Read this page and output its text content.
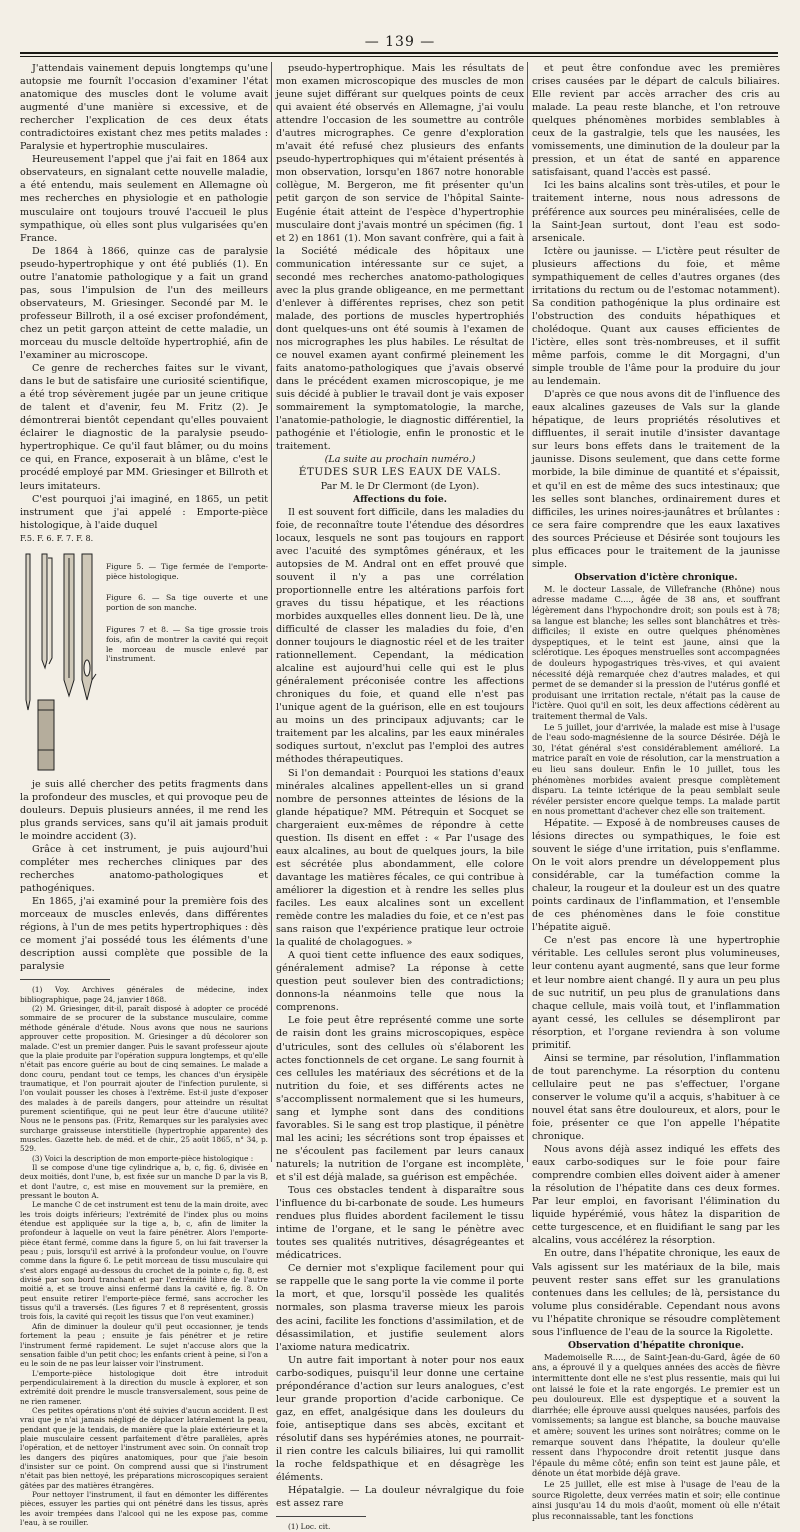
— 139 —

J'attendais vainement depuis longtemps qu'une autopsie me fournît l'occasion d'examiner l'état anatomique des muscles dont le volume avait augmenté d'une manière si excessive, et de rechercher l'explication de ces deux états contradictoires existant chez mes petits malades : Paralysie et hypertrophie musculaires.

Heureusement l'appel que j'ai fait en 1864 aux observateurs, en signalant cette nouvelle maladie, a été entendu, mais seulement en Allemagne où mes recherches en physiologie et en pathologie musculaire ont toujours trouvé l'accueil le plus sympathique, où elles sont plus vulgarisées qu'en France.

De 1864 à 1866, quinze cas de paralysie pseudo-hypertrophique y ont été publiés (1). En outre l'anatomie pathologique y a fait un grand pas, sous l'impulsion de l'un des meilleurs observateurs, M. Griesinger. Secondé par M. le professeur Billroth, il a osé exciser profondément, chez un petit garçon atteint de cette maladie, un morceau du muscle deltoïde hypertrophié, afin de l'examiner au microscope.

Ce genre de recherches faites sur le vivant, dans le but de satisfaire une curiosité scientifique, a été trop sévèrement jugée par un jeune critique de talent et d'avenir, feu M. Fritz (2). Je démontrerai bientôt cependant qu'elles pouvaient éclairer le diagnostic de la paralysie pseudo-hypertrophique. Ce qu'il faut blâmer, ou du moins ce qui, en France, exposerait à un blâme, c'est le procédé employé par MM. Griesinger et Billroth et leurs imitateurs.

C'est pourquoi j'ai imaginé, en 1865, un petit instrument que j'ai appelé : Emporte-pièce histologique, à l'aide duquel

F.5. F. 6. F. 7. F. 8.

Figure 5. — Tige fermée de l'emporte-pièce histologique.

Figure 6. — Sa tige ouverte et une portion de son manche.

Figures 7 et 8. — Sa tige grossie trois fois, afin de montrer la cavité qui reçoit le morceau de muscle enlevé par l'instrument.

je suis allé chercher des petits fragments dans la profondeur des muscles, et qui provoque peu de douleurs. Depuis plusieurs années, il me rend les plus grands services, sans qu'il ait jamais produit le moindre accident (3).

Grâce à cet instrument, je puis aujourd'hui compléter mes recherches cliniques par des recherches anatomo-pathologiques et pathogéniques.

En 1865, j'ai examiné pour la première fois des morceaux de muscles enlevés, dans différentes régions, à l'un de mes petits hypertrophiques : dès ce moment j'ai possédé tous les éléments d'une description aussi complète que possible de la paralysie

(1) Voy. Archives générales de médecine, index bibliographique, page 24, janvier 1868.

(2) M. Griesinger, dit-il, paraît disposé à adopter ce procédé sommaire de se procurer de la substance musculaire, comme méthode générale d'étude. Nous avons que nous ne saurions approuver cette proposition. M. Griesinger a dû décolorer son malade. C'est un premier danger. Puis le savant professeur ajoute que la plaie produite par l'opération suppura longtemps, et qu'elle n'était pas encore guérie au bout de cinq semaines. Le malade a donc couru, pendant tout ce temps, les chances d'un érysipèle traumatique, et l'on pourrait ajouter de l'infection purulente, si l'on voulait pousser les choses à l'extrême. Est-il juste d'exposer des malades à de pareils dangers, pour atteindre un résultat purement scientifique, qui ne peut leur être d'aucune utilité? Nous ne le pensons pas. (Fritz, Remarques sur les paralysies avec surcharge graisseuse interstitielle (hypertrophie apparente) des muscles. Gazette heb. de méd. et de chir., 25 août 1865, n° 34, p. 529.

(3) Voici la description de mon emporte-pièce histologique :

Il se compose d'une tige cylindrique a, b, c, fig. 6, divisée en deux moitiés, dont l'une, b, est fixée sur un manche D par la vis B, et dont l'autre, c, est mise en mouvement sur la première, en pressant le bouton A.

Le manche C de cet instrument est tenu de la main droite, avec les trois doigts inférieurs; l'extrémité de l'index plus ou moins étendue est appliquée sur la tige a, b, c, afin de limiter la profondeur à laquelle on veut la faire pénétrer. Alors l'emporte-pièce étant fermé, comme dans la figure 5, on lui fait traverser la peau ; puis, lorsqu'il est arrivé à la profondeur voulue, on l'ouvre comme dans la figure 6. Le petit morceau de tissu musculaire qui s'est alors engagé au-dessous du crochet de la pointe c, fig. 8, est divisé par son bord tranchant et par l'extrémité libre de l'autre moitié a, et se trouve ainsi enfermé dans la cavité e, fig. 8. On peut ensuite retirer l'emporte-pièce fermé, sans accrocher les tissus qu'il a traversés. (Les figures 7 et 8 représentent, grossis trois fois, la cavité qui reçoit les tissus que l'on veut examiner.)

Afin de diminuer la douleur qu'il peut occasionner, je tends fortement la peau ; ensuite je fais pénétrer et je retire l'instrument fermé rapidement. Le sujet n'accuse alors que la sensation faible d'un petit choc; les enfants crient à peine, si l'on a eu le soin de ne pas leur laisser voir l'instrument.

L'emporte-pièce histologique doit être introduit perpendiculairement à la direction du muscle à explorer, et son extrémité doit prendre le muscle transversalement, sous peine de ne rien ramener.

Ces petites opérations n'ont été suivies d'aucun accident. Il est vrai que je n'ai jamais négligé de déplacer latéralement la peau, pendant que je la tendais, de manière que la plaie extérieure et la plaie musculaire cessent parfaitement d'être parallèles, après l'opération, et de nettoyer l'instrument avec soin. On connaît trop les dangers des piqûres anatomiques, pour que j'aie besoin d'insister sur ce point. On comprend aussi que si l'instrument n'était pas bien nettoyé, les préparations microscopiques seraient gâtées par des matières étrangères.

Pour nettoyer l'instrument, il faut en démonter les différentes pièces, essuyer les parties qui ont pénétré dans les tissus, après les avoir trempées dans l'alcool qui ne les expose pas, comme l'eau, à se rouiller.

pseudo-hypertrophique. Mais les résultats de mon examen microscopique des muscles de mon jeune sujet différant sur quelques points de ceux qui avaient été observés en Allemagne, j'ai voulu attendre l'occasion de les soumettre au contrôle d'autres micrographes. Ce genre d'exploration m'avait été refusé chez plusieurs des enfants pseudo-hypertrophiques qui m'étaient présentés à mon observation, lorsqu'en 1867 notre honorable collègue, M. Bergeron, me fit présenter qu'un petit garçon de son service de l'hôpital Sainte-Eugénie était atteint de l'espèce d'hypertrophie musculaire dont j'avais montré un spécimen (fig. 1 et 2) en 1861 (1). Mon savant confrère, qui a fait à la Société médicale des hôpitaux une communication intéressante sur ce sujet, a secondé mes recherches anatomo-pathologiques avec la plus grande obligeance, en me permettant d'enlever à différentes reprises, chez son petit malade, des portions de muscles hypertrophiés dont quelques-uns ont été soumis à l'examen de nos micrographes les plus habiles. Le résultat de ce nouvel examen ayant confirmé pleinement les faits anatomo-pathologiques que j'avais observé dans le précédent examen microscopique, je me suis décidé à publier le travail dont je vais exposer sommairement la symptomatologie, la marche, l'anatomie-pathologie, le diagnostic différentiel, la pathogénie et l'étiologie, enfin le pronostic et le traitement.

(La suite au prochain numéro.)

ÉTUDES SUR LES EAUX DE VALS.

Par M. le Dr Clermont (de Lyon).

Affections du foie.

Il est souvent fort difficile, dans les maladies du foie, de reconnaître toute l'étendue des désordres locaux, lesquels ne sont pas toujours en rapport avec l'acuité des symptômes généraux, et les autopsies de M. Andral ont en effet prouvé que souvent il n'y a pas une corrélation proportionnelle entre les altérations parfois fort graves du tissu hépatique, et les réactions morbides auxquelles elles donnent lieu. De là, une difficulté de classer les maladies du foie, d'en donner toujours le diagnostic réel et de les traiter rationnellement. Cependant, la médication alcaline est aujourd'hui celle qui est le plus généralement préconisée contre les affections chroniques du foie, et quand elle n'est pas l'unique agent de la guérison, elle en est toujours au moins un des principaux adjuvants; car le traitement par les alcalins, par les eaux minérales sodiques surtout, n'exclut pas l'emploi des autres méthodes thérapeutiques.

Si l'on demandait : Pourquoi les stations d'eaux minérales alcalines appellent-elles un si grand nombre de personnes atteintes de lésions de la glande hépatique? MM. Pétrequin et Socquet se chargeraient eux-mêmes de répondre à cette question. Ils disent en effet : « Par l'usage des eaux alcalines, au bout de quelques jours, la bile est sécrétée plus abondamment, elle colore davantage les matières fécales, ce qui contribue à améliorer la digestion et à rendre les selles plus faciles. Les eaux alcalines sont un excellent remède contre les maladies du foie, et ce n'est pas sans raison que l'expérience pratique leur octroie la qualité de cholagogues. »

A quoi tient cette influence des eaux sodiques, généralement admise? La réponse à cette question peut soulever bien des contradictions; donnons-la néanmoins telle que nous la comprenons.

Le foie peut être représenté comme une sorte de raisin dont les grains microscopiques, espèce d'utricules, sont des cellules où s'élaborent les actes fonctionnels de cet organe. Le sang fournit à ces cellules les matériaux des sécrétions et de la nutrition du foie, et ses différents actes ne s'accomplissent normalement que si les humeurs, sang et lymphe sont dans des conditions favorables. Si le sang est trop plastique, il pénètre mal les acini; les sécrétions sont trop épaisses et ne s'écoulent pas facilement par leurs canaux naturels; la nutrition de l'organe est incomplète, et s'il est déjà malade, sa guérison est empêchée.

Tous ces obstacles tendent à disparaître sous l'influence du bi-carbonate de soude. Les humeurs rendues plus fluides abordent facilement le tissu intime de l'organe, et le sang le pénètre avec toutes ses qualités nutritives, désagrégeantes et médicatrices.

Ce dernier mot s'explique facilement pour qui se rappelle que le sang porte la vie comme il porte la mort, et que, lorsqu'il possède les qualités normales, son plasma traverse mieux les parois des acini, facilite les fonctions d'assimilation, et de désassimilation, et justifie seulement alors l'axiome natura medicatrix.

Un autre fait important à noter pour nos eaux carbo-sodiques, puisqu'il leur donne une certaine prépondérance d'action sur leurs analogues, c'est leur grande proportion d'acide carbonique. Ce gaz, en effet, analgésique dans les douleurs du foie, antiseptique dans ses abcès, excitant et résolutif dans ses hypérémies atones, ne pourrait-il rien contre les calculs biliaires, lui qui ramollit la roche feldspathique et en désagrège les éléments.

Hépatalgie. — La douleur névralgique du foie est assez rare

(1) Loc. cit.

et peut être confondue avec les premières crises causées par le départ de calculs biliaires. Elle revient par accès arracher des cris au malade. La peau reste blanche, et l'on retrouve quelques phénomènes morbides semblables à ceux de la gastralgie, tels que les nausées, les vomissements, une diminution de la douleur par la pression, et un état de santé en apparence satisfaisant, quand l'accès est passé.

Ici les bains alcalins sont très-utiles, et pour le traitement interne, nous nous adressons de préférence aux sources peu minéralisées, celle de la Saint-Jean surtout, dont l'eau est sodo-arsenicale.

Ictère ou jaunisse. — L'ictère peut résulter de plusieurs affections du foie, et même sympathiquement de celles d'autres organes (des irritations du rectum ou de l'estomac notamment). Sa condition pathogénique la plus ordinaire est l'obstruction des conduits hépathiques et cholédoque. Quant aux causes efficientes de l'ictère, elles sont très-nombreuses, et il suffit même parfois, comme le dit Morgagni, d'un simple trouble de l'âme pour la produire du jour au lendemain.

D'après ce que nous avons dit de l'influence des eaux alcalines gazeuses de Vals sur la glande hépatique, de leurs propriétés résolutives et diffluentes, il serait inutile d'insister davantage sur leurs bons effets dans le traitement de la jaunisse. Disons seulement, que dans cette forme morbide, la bile diminue de quantité et s'épaissit, et qu'il en est de même des sucs intestinaux; que les selles sont blanches, ordinairement dures et difficiles, les urines noires-jaunâtres et brûlantes : ce sera faire comprendre que les eaux laxatives des sources Précieuse et Désirée sont toujours les plus efficaces pour le traitement de la jaunisse simple.

Observation d'ictère chronique.

M. le docteur Lassale, de Villefranche (Rhône) nous adresse madame C...., âgée de 38 ans, et souffrant légèrement dans l'hypochondre droit; son pouls est à 78; sa langue est blanche; les selles sont blanchâtres et très-difficiles; il existe en outre quelques phénomènes dyspeptiques, et le teint est jaune, ainsi que la sclérotique. Les époques menstruelles sont accompagnées de douleurs hypogastriques très-vives, et qui avaient nécessité déjà remarquée chez d'autres malades, et qui permet de se demander si la pression de l'utérus gonflé et produisant une irritation rectale, n'était pas la cause de l'ictère. Quoi qu'il en soit, les deux affections cédèrent au traitement thermal de Vals.

Le 5 juillet, jour d'arrivée, la malade est mise à l'usage de l'eau sodo-magnésienne de la source Désirée. Déjà le 30, l'état général s'est considérablement amélioré. La matrice paraît en voie de résolution, car la menstruation a eu lieu sans douleur. Enfin le 10 juillet, tous les phénomènes morbides avaient presque complètement disparu. La teinte ictérique de la peau semblait seule révéler persister encore quelque temps. La malade partit en nous promettant d'achever chez elle son traitement.

Hépatite. — Exposé à de nombreuses causes de lésions directes ou sympathiques, le foie est souvent le siége d'une irritation, puis s'enflamme. On le voit alors prendre un développement plus considérable, car la tuméfaction comme la chaleur, la rougeur et la douleur est un des quatre points cardinaux de l'inflammation, et l'ensemble de ces phénomènes dans le foie constitue l'hépatite aiguë.

Ce n'est pas encore là une hypertrophie véritable. Les cellules seront plus volumineuses, leur contenu ayant augmenté, sans que leur forme et leur nombre aient changé. Il y aura un peu plus de suc nutritif, un peu plus de granulations dans chaque cellule, mais voilà tout, et l'inflammation ayant cessé, les cellules se désempliront par résorption, et l'organe reviendra à son volume primitif.

Ainsi se termine, par résolution, l'inflammation de tout parenchyme. La résorption du contenu cellulaire peut ne pas s'effectuer, l'organe conserver le volume qu'il a acquis, s'habituer à ce nouvel état sans être douloureux, et alors, pour le foie, présenter ce que l'on appelle l'hépatite chronique.

Nous avons déjà assez indiqué les effets des eaux carbo-sodiques sur le foie pour faire comprendre combien elles doivent aider à amener la résolution de l'hépatite dans ces deux formes. Par leur emploi, en favorisant l'élimination du liquide hypérémié, vous hâtez la disparition de cette turgescence, et en fluidifiant le sang par les alcalins, vous accélérez la résorption.

En outre, dans l'hépatite chronique, les eaux de Vals agissent sur les matériaux de la bile, mais peuvent rester sans effet sur les granulations contenues dans les cellules; de là, persistance du volume plus considérable. Cependant nous avons vu l'hépatite chronique se résoudre complètement sous l'influence de l'eau de la source la Rigolette.

Observation d'hépatite chronique.

Mademoiselle R...., de Saint-Jean-du-Gard, âgée de 60 ans, a éprouvé il y a quelques années des accès de fièvre intermittente dont elle ne s'est plus ressentie, mais qui lui ont laissé le foie et la rate engorgés. Le premier est un peu douloureux. Elle est dyspeptique et a souvent la diarrhée; elle éprouve aussi quelques nausées, parfois des vomissements; sa langue est blanche, sa bouche mauvaise et amère; souvent les urines sont noirâtres; comme on le remarque souvent dans l'hépatite, la douleur qu'elle ressent dans l'hypocondre droit retentit jusque dans l'épaule du même côté; enfin son teint est jaune pâle, et dénote un état morbide déjà grave.

Le 25 juillet, elle est mise à l'usage de l'eau de la source Rigolette, deux verrées matin et soir; elle continue ainsi jusqu'au 14 du mois d'août, moment où elle n'était plus reconnaissable, tant les fonctions
